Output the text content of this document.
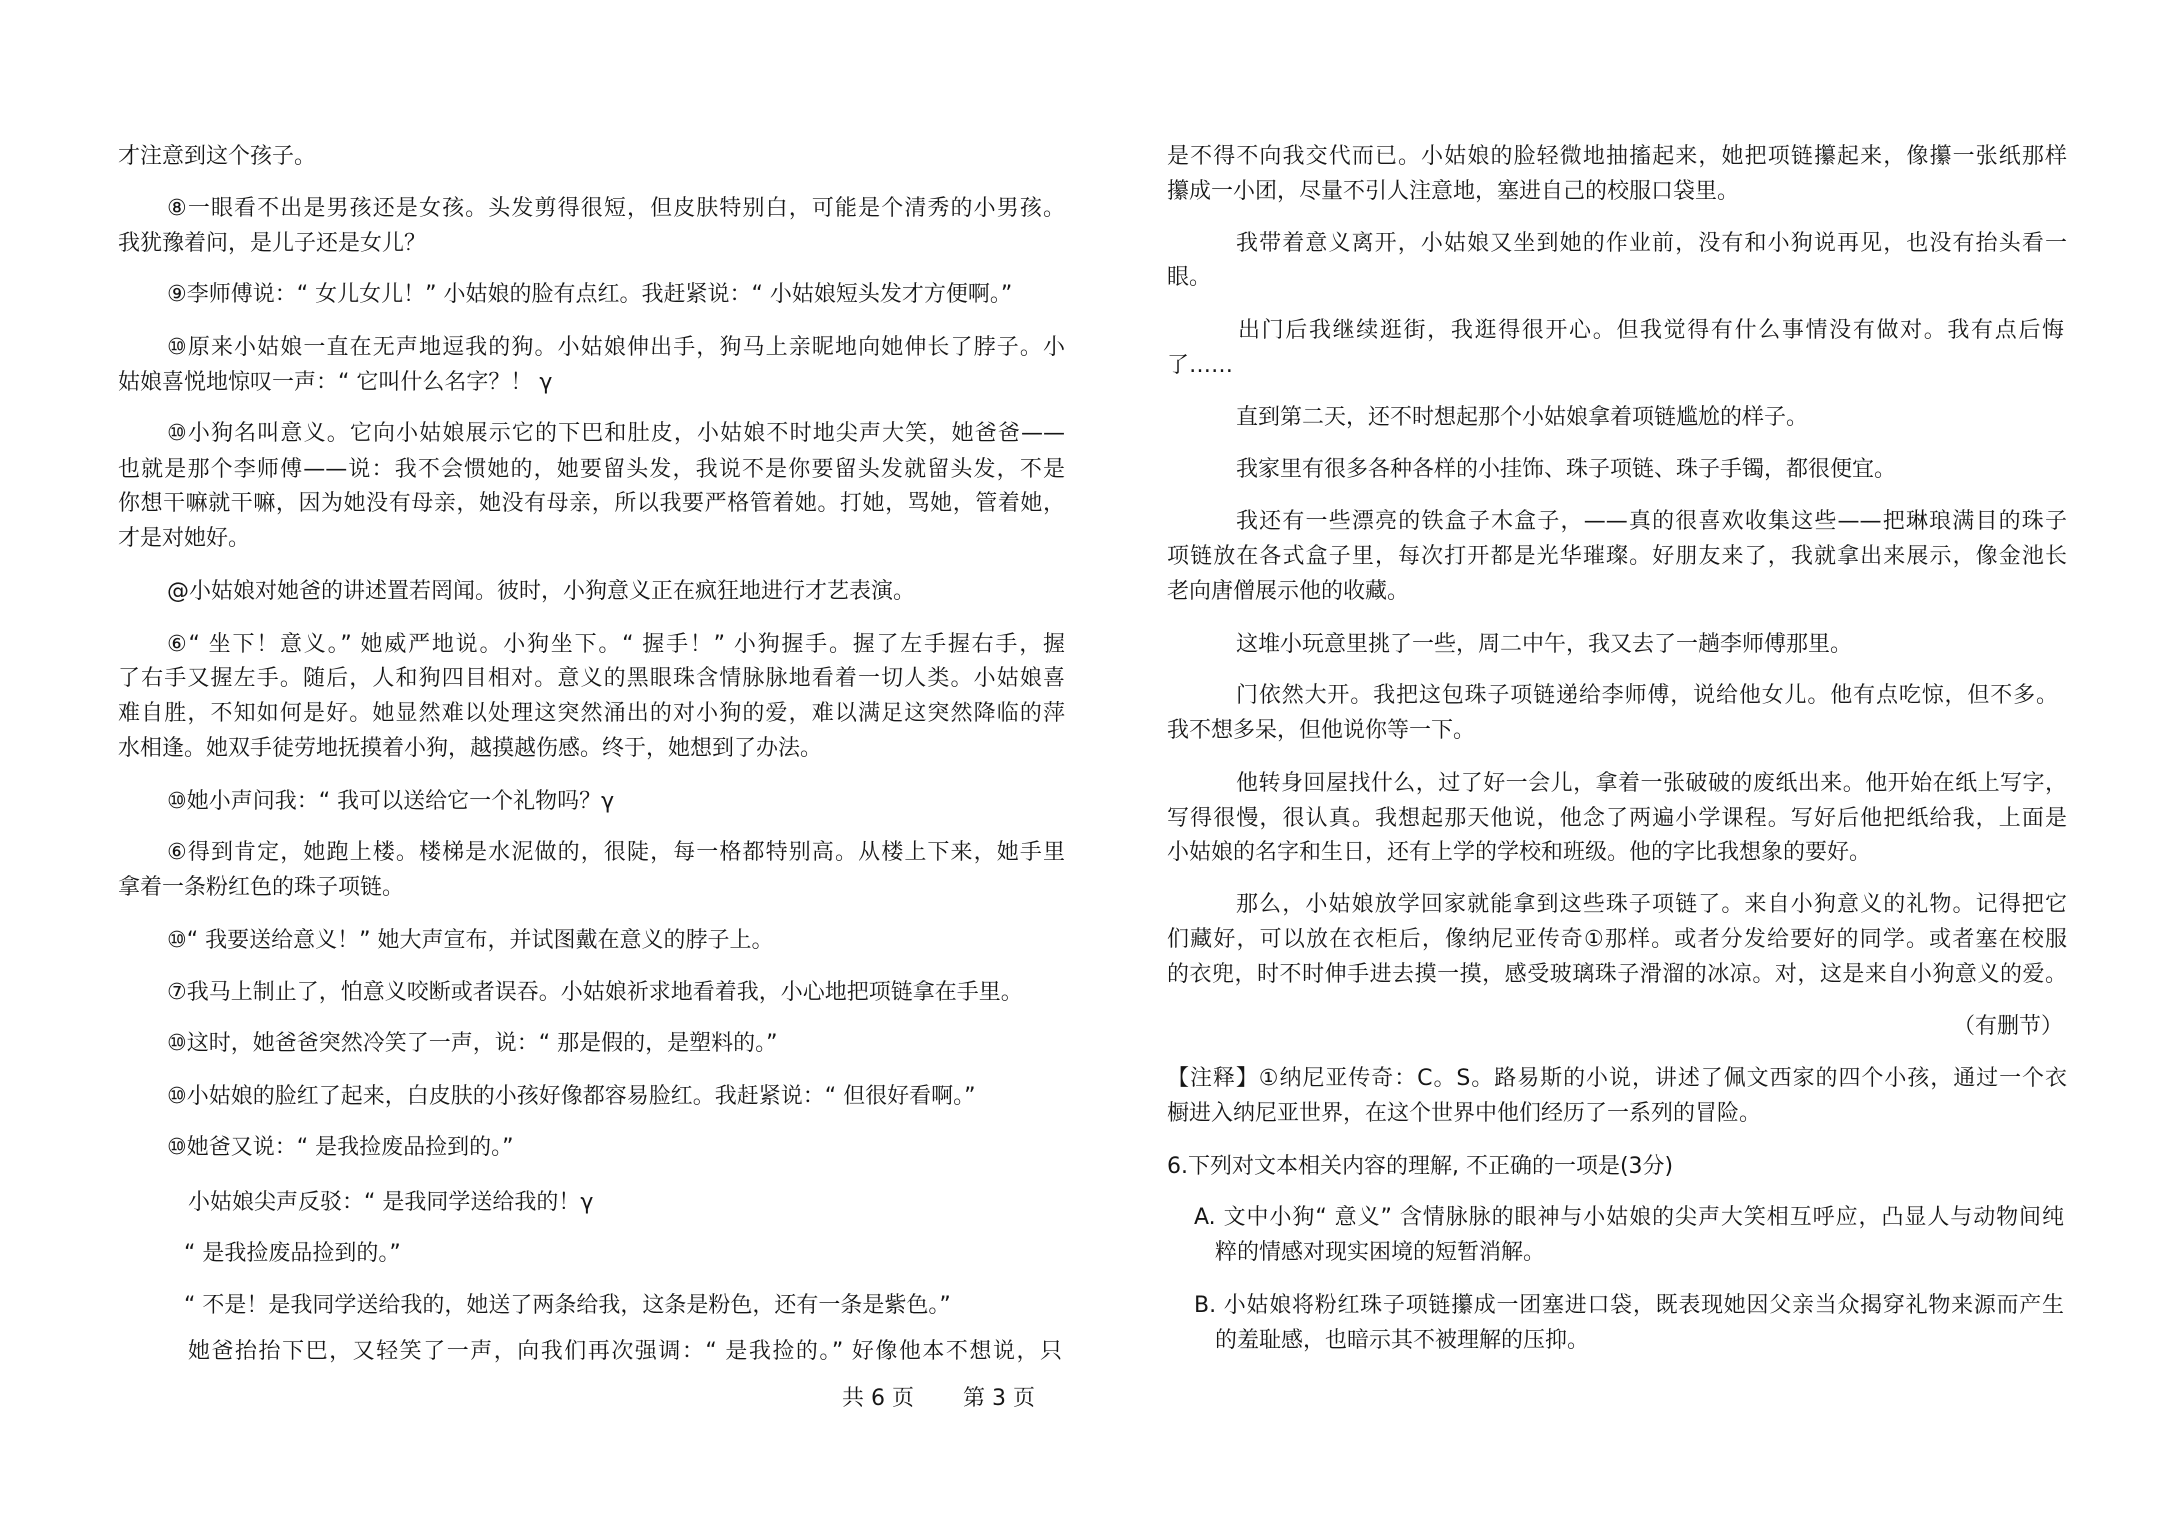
才注意到这个孩子。
⑧一眼看不出是男孩还是女孩。头发剪得很短，但皮肤特别白，可能是个清秀的小男孩。
我犹豫着问，是儿子还是女儿？
⑨李师傅说：“ 女儿女儿！” 小姑娘的脸有点红。我赶紧说：“ 小姑娘短头发才方便啊。”
⑩原来小姑娘一直在无声地逗我的狗。小姑娘伸出手，狗马上亲昵地向她伸长了脖子。小
姑娘喜悦地惊叹一声：“ 它叫什么名字？！ γ
⑩小狗名叫意义。它向小姑娘展示它的下巴和肚皮，小姑娘不时地尖声大笑，她爸爸——
也就是那个李师傅——说：我不会惯她的，她要留头发，我说不是你要留头发就留头发，不是
你想干嘛就干嘛，因为她没有母亲，她没有母亲，所以我要严格管着她。打她，骂她，管着她，
才是对她好。
@小姑娘对她爸的讲述置若罔闻。彼时，小狗意义正在疯狂地进行才艺表演。
⑥“ 坐下！意义。” 她威严地说。小狗坐下。“ 握手！” 小狗握手。握了左手握右手，握
了右手又握左手。随后，人和狗四目相对。意义的黑眼珠含情脉脉地看着一切人类。小姑娘喜
难自胜，不知如何是好。她显然难以处理这突然涌出的对小狗的爱，难以满足这突然降临的萍
水相逢。她双手徒劳地抚摸着小狗，越摸越伤感。终于，她想到了办法。
⑩她小声问我：“ 我可以送给它一个礼物吗？γ
⑥得到肯定，她跑上楼。楼梯是水泥做的，很陡，每一格都特别高。从楼上下来，她手里
拿着一条粉红色的珠子项链。
⑩“ 我要送给意义！” 她大声宣布，并试图戴在意义的脖子上。
⑦我马上制止了，怕意义咬断或者误吞。小姑娘祈求地看着我，小心地把项链拿在手里。
⑩这时，她爸爸突然冷笑了一声，说：“ 那是假的，是塑料的。”
⑩小姑娘的脸红了起来，白皮肤的小孩好像都容易脸红。我赶紧说：“ 但很好看啊。”
⑩她爸又说：“ 是我捡废品捡到的。”
小姑娘尖声反驳：“ 是我同学送给我的！γ
“ 是我捡废品捡到的。”
“ 不是！是我同学送给我的，她送了两条给我，这条是粉色，还有一条是紫色。”
她爸抬抬下巴，又轻笑了一声，向我们再次强调：“ 是我捡的。” 好像他本不想说，只
共 6 页 第 3 页
是不得不向我交代而已。小姑娘的脸轻微地抽搐起来，她把项链攥起来，像攥一张纸那样
攥成一小团，尽量不引人注意地，塞进自己的校服口袋里。
我带着意义离开，小姑娘又坐到她的作业前，没有和小狗说再见，也没有抬头看一
眼。
出门后我继续逛街，我逛得很开心。但我觉得有什么事情没有做对。我有点后悔
了……
直到第二天，还不时想起那个小姑娘拿着项链尴尬的样子。
我家里有很多各种各样的小挂饰、珠子项链、珠子手镯，都很便宜。
我还有一些漂亮的铁盒子木盒子，——真的很喜欢收集这些——把琳琅满目的珠子
项链放在各式盒子里，每次打开都是光华璀璨。好朋友来了，我就拿出来展示，像金池长
老向唐僧展示他的收藏。
这堆小玩意里挑了一些，周二中午，我又去了一趟李师傅那里。
门依然大开。我把这包珠子项链递给李师傅，说给他女儿。他有点吃惊，但不多。
我不想多呆，但他说你等一下。
他转身回屋找什么，过了好一会儿，拿着一张破破的废纸出来。他开始在纸上写字，
写得很慢，很认真。我想起那天他说，他念了两遍小学课程。写好后他把纸给我，上面是
小姑娘的名字和生日，还有上学的学校和班级。他的字比我想象的要好。
那么，小姑娘放学回家就能拿到这些珠子项链了。来自小狗意义的礼物。记得把它
们藏好，可以放在衣柜后，像纳尼亚传奇①那样。或者分发给要好的同学。或者塞在校服
的衣兜，时不时伸手进去摸一摸，感受玻璃珠子滑溜的冰凉。对，这是来自小狗意义的爱。
（有删节）
【注释】①纳尼亚传奇：C。S。路易斯的小说，讲述了佩文西家的四个小孩，通过一个衣
橱进入纳尼亚世界，在这个世界中他们经历了一系列的冒险。
6.下列对文本相关内容的理解, 不正确的一项是(3分)
A. 文中小狗“ 意义” 含情脉脉的眼神与小姑娘的尖声大笑相互呼应，凸显人与动物间纯
粹的情感对现实困境的短暂消解。
B. 小姑娘将粉红珠子项链攥成一团塞进口袋，既表现她因父亲当众揭穿礼物来源而产生
的羞耻感，也暗示其不被理解的压抑。
